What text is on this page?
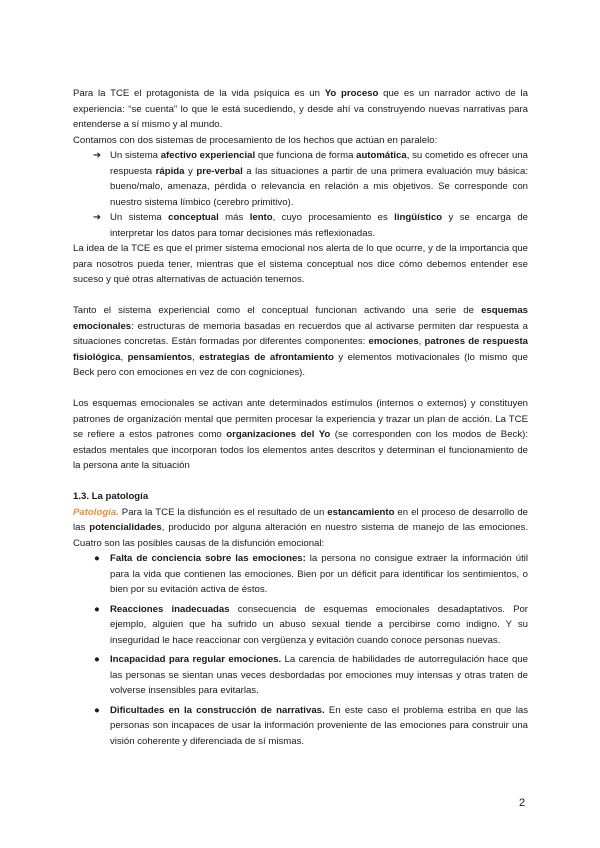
Para la TCE el protagonista de la vida psíquica es un Yo proceso que es un narrador activo de la experiencia: “se cuenta” lo que le está sucediendo, y desde ahí va construyendo nuevas narrativas para entenderse a sí mismo y al mundo.

Contamos con dos sistemas de procesamiento de los hechos que actúan en paralelo:

➔ Un sistema afectivo experiencial que funciona de forma automática, su cometido es ofrecer una respuesta rápida y pre-verbal a las situaciones a partir de una primera evaluación muy básica: bueno/malo, amenaza, pérdida o relevancia en relación a mis objetivos. Se corresponde con nuestro sistema límbico (cerebro primitivo).
➔ Un sistema conceptual más lento, cuyo procesamiento es lingüístico y se encarga de interpretar los datos para tomar decisiones más reflexionadas.

La idea de la TCE es que el primer sistema emocional nos alerta de lo que ocurre, y de la importancia que para nosotros pueda tener, mientras que el sistema conceptual nos dice cómo debemos entender ese suceso y qué otras alternativas de actuación tenemos.

Tanto el sistema experiencial como el conceptual funcionan activando una serie de esquemas emocionales: estructuras de memoria basadas en recuerdos que al activarse permiten dar respuesta a situaciones concretas. Están formadas por diferentes componentes: emociones, patrones de respuesta fisiológica, pensamientos, estrategias de afrontamiento y elementos motivacionales (lo mismo que Beck pero con emociones en vez de con cogniciones).

Los esquemas emocionales se activan ante determinados estímulos (internos o externos) y constituyen patrones de organización mental que permiten procesar la experiencia y trazar un plan de acción. La TCE se refiere a estos patrones como organizaciones del Yo (se corresponden con los modos de Beck): estados mentales que incorporan todos los elementos antes descritos y determinan el funcionamiento de la persona ante la situación

1.3. La patología

Patología. Para la TCE la disfunción es el resultado de un estancamiento en el proceso de desarrollo de las potencialidades, producido por alguna alteración en nuestro sistema de manejo de las emociones. Cuatro son las posibles causas de la disfunción emocional:

● Falta de conciencia sobre las emociones: la persona no consigue extraer la información útil para la vida que contienen las emociones. Bien por un déficit para identificar los sentimientos, o bien por su evitación activa de éstos.
● Reacciones inadecuadas consecuencia de esquemas emocionales desadaptativos. Por ejemplo, alguien que ha sufrido un abuso sexual tiende a percibirse como indigno. Y su inseguridad le hace reaccionar con vergüenza y evitación cuando conoce personas nuevas.
● Incapacidad para regular emociones. La carencia de habilidades de autorregulación hace que las personas se sientan unas veces desbordadas por emociones muy intensas y otras traten de volverse insensibles para evitarlas.
● Dificultades en la construcción de narrativas. En este caso el problema estriba en que las personas son incapaces de usar la información proveniente de las emociones para construir una visión coherente y diferenciada de sí mismas.
2
